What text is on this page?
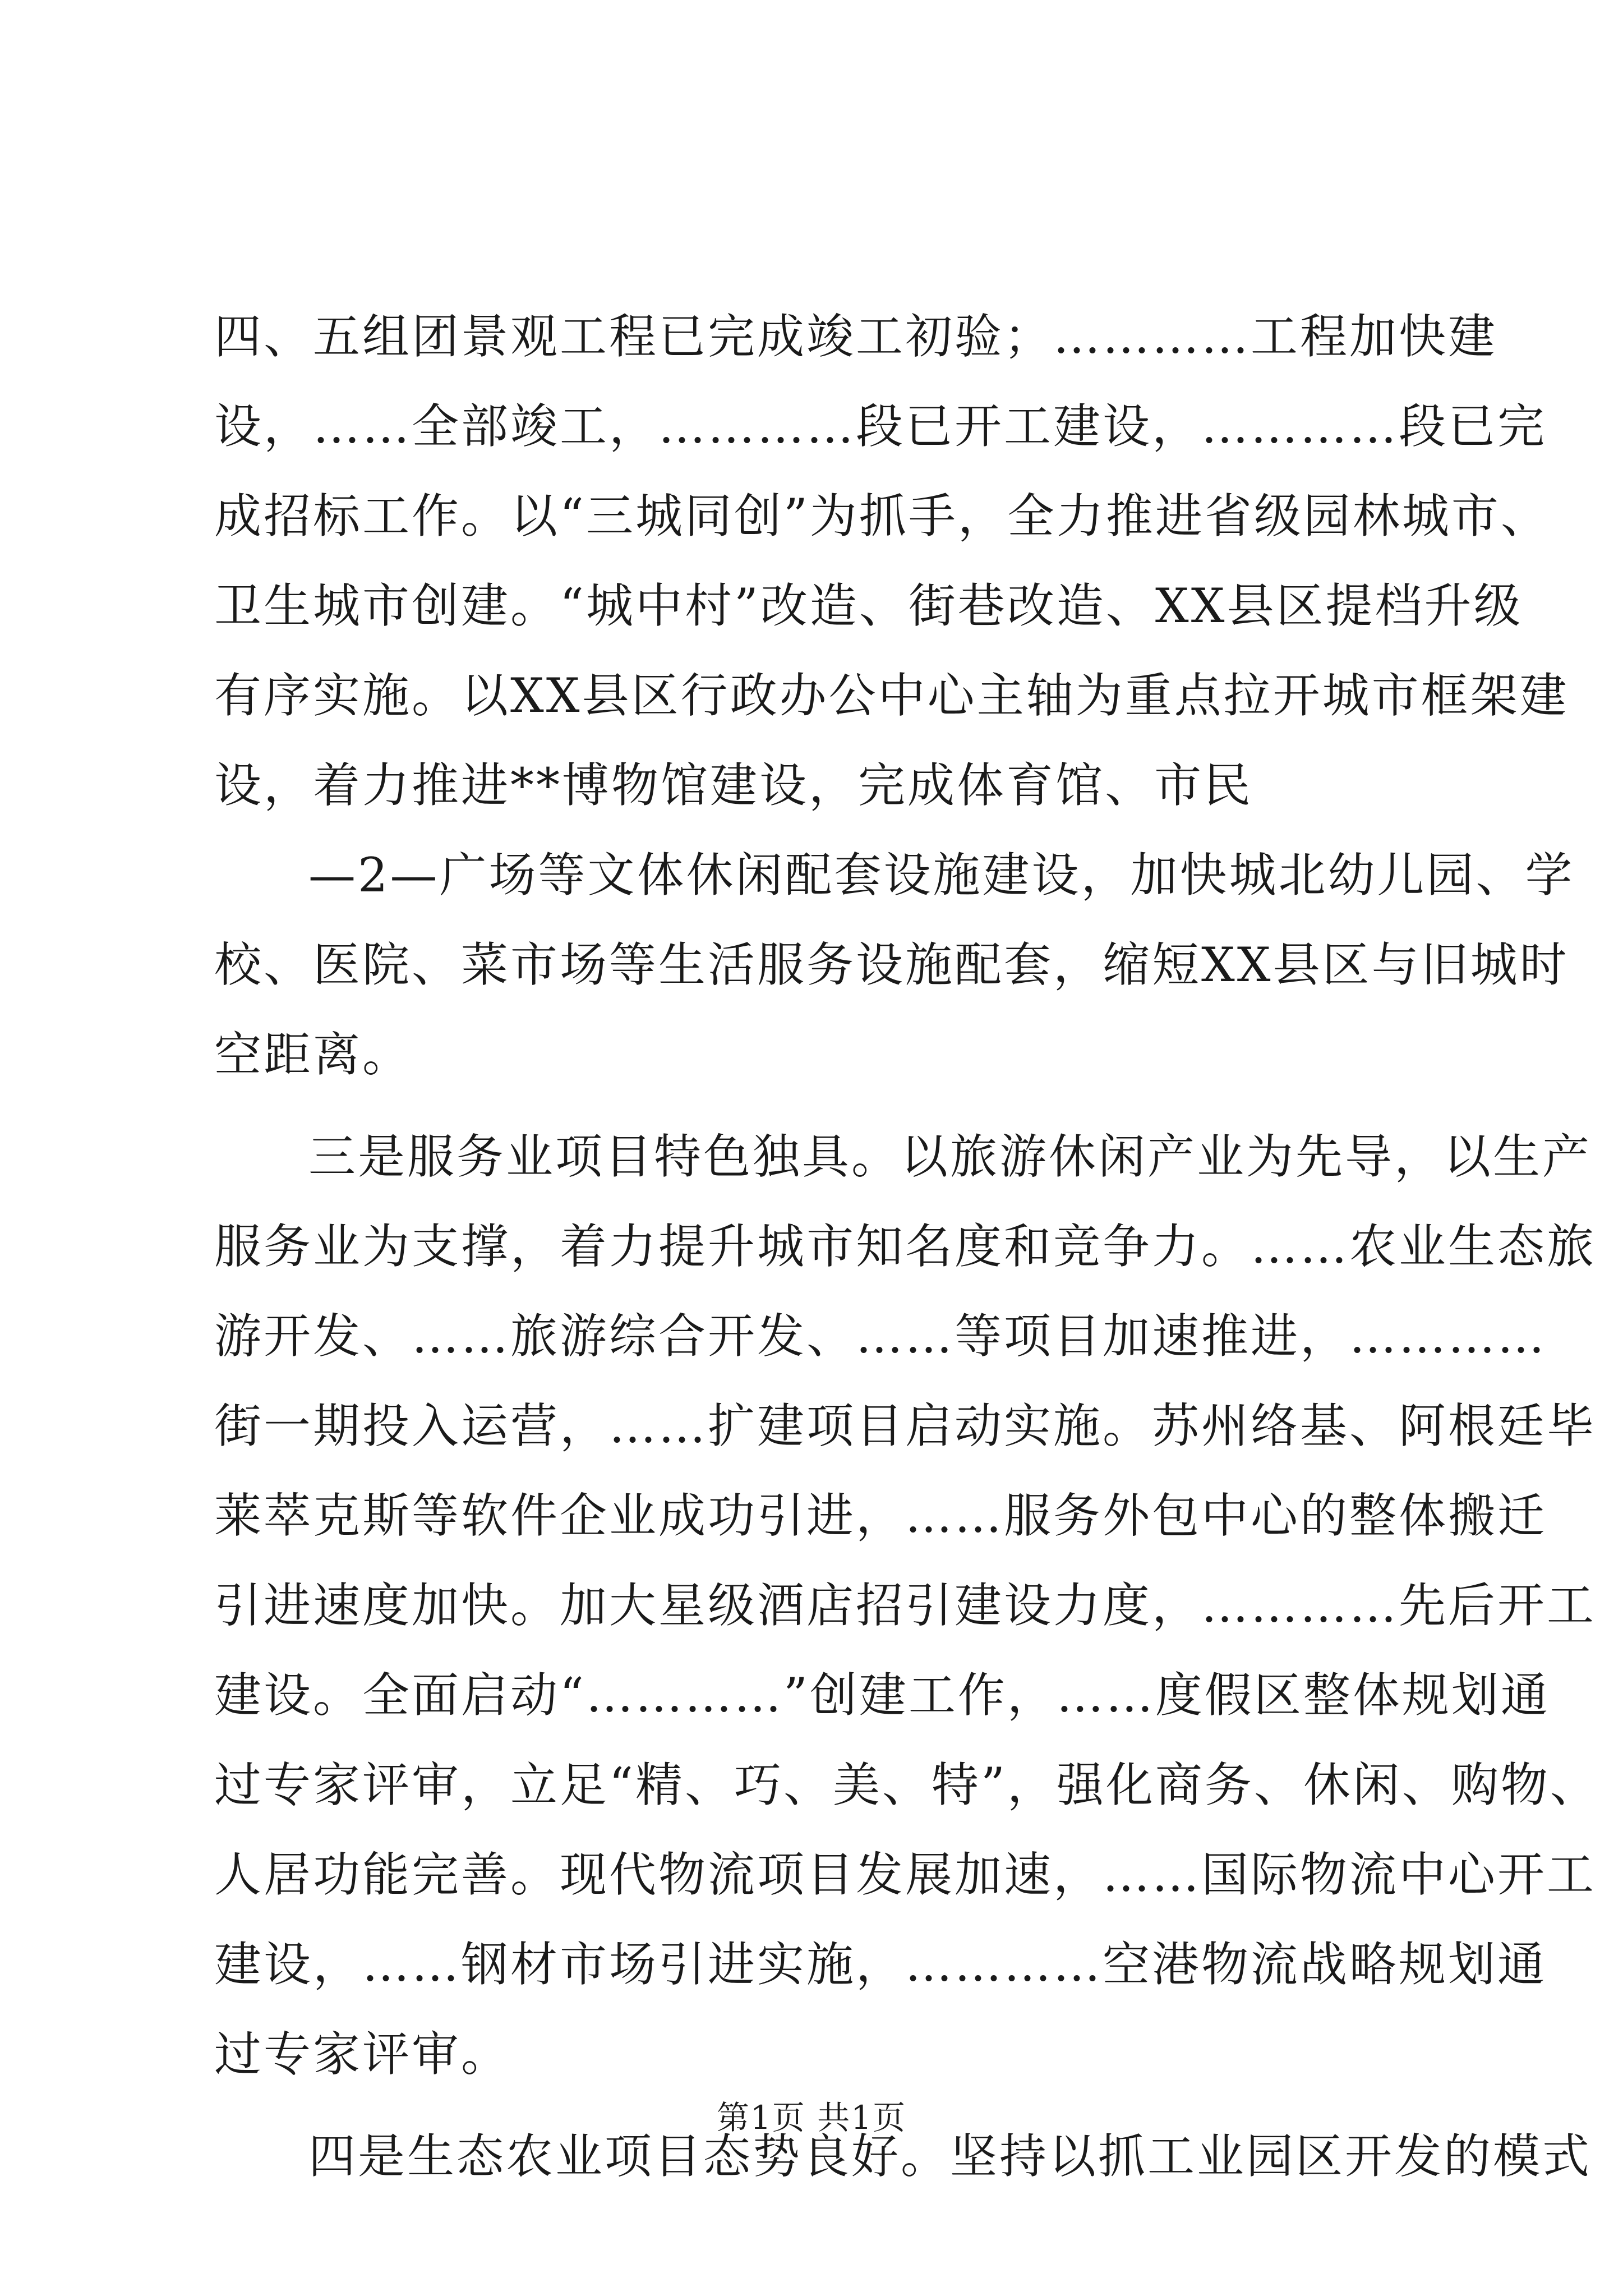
四、五组团景观工程已完成竣工初验；…………工程加快建
设，……全部竣工，…………段已开工建设，…………段已完
成招标工作。以“三城同创”为抓手，全力推进省级园林城市、
卫生城市创建。“城中村”改造、街巷改造、XX县区提档升级
有序实施。以XX县区行政办公中心主轴为重点拉开城市框架建
设，着力推进**博物馆建设，完成体育馆、市民
—2—广场等文体休闲配套设施建设，加快城北幼儿园、学
校、医院、菜市场等生活服务设施配套，缩短XX县区与旧城时
空距离。
三是服务业项目特色独具。以旅游休闲产业为先导，以生产
服务业为支撑，着力提升城市知名度和竞争力。……农业生态旅
游开发、……旅游综合开发、……等项目加速推进，…………
街一期投入运营，……扩建项目启动实施。苏州络基、阿根廷毕
莱萃克斯等软件企业成功引进，……服务外包中心的整体搬迁
引进速度加快。加大星级酒店招引建设力度，…………先后开工
建设。全面启动“…………”创建工作，……度假区整体规划通
过专家评审，立足“精、巧、美、特”，强化商务、休闲、购物、
人居功能完善。现代物流项目发展加速，……国际物流中心开工
建设，……钢材市场引进实施，…………空港物流战略规划通
过专家评审。
四是生态农业项目态势良好。坚持以抓工业园区开发的模式
第1页 共1页
